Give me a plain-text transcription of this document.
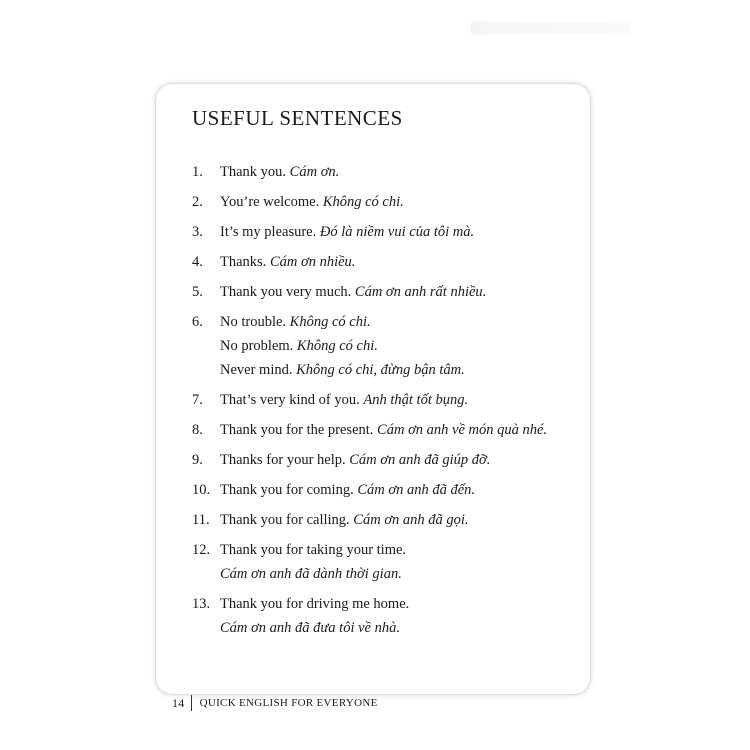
USEFUL SENTENCES
1.	Thank you. Cám ơn.
2.	You’re welcome. Không có chi.
3.	It’s my pleasure. Đó là niềm vui của tôi mà.
4.	Thanks. Cám ơn nhiều.
5.	Thank you very much. Cám ơn anh rất nhiều.
6.	No trouble. Không có chi.
No problem. Không có chi.
Never mind. Không có chi, đừng bận tâm.
7.	That’s very kind of you. Anh thật tốt bụng.
8.	Thank you for the present. Cám ơn anh về món quà nhé.
9.	Thanks for your help. Cám ơn anh đã giúp đỡ.
10. Thank you for coming. Cám ơn anh đã đến.
11. Thank you for calling. Cám ơn anh đã gọi.
12. Thank you for taking your time.
Cám ơn anh đã dành thời gian.
13. Thank you for driving me home.
Cám ơn anh đã đưa tôi về nhà.
14 QUICK ENGLISH FOR EVERYONE
